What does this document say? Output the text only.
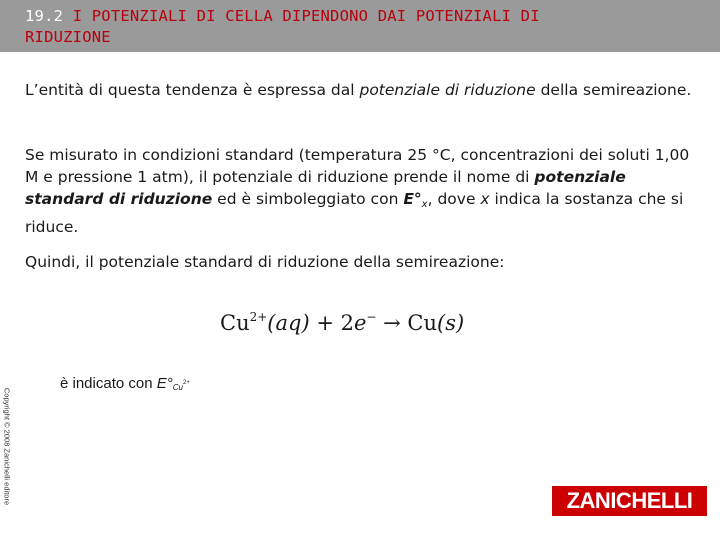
19.2 I POTENZIALI DI CELLA DIPENDONO DAI POTENZIALI DI
RIDUZIONE

L’entità di questa tendenza è espressa dal potenziale di riduzione della semireazione.

Se misurato in condizioni standard (temperatura 25 °C, concentrazioni dei soluti 1,00 M e pressione 1 atm), il potenziale di riduzione prende il nome di potenziale standard di riduzione ed è simboleggiato con $E^\circ_x$, dove x indica la sostanza che si riduce.

Quindi, il potenziale standard di riduzione della semireazione:

$Cu^{2+}(aq) + 2e^- \to Cu(s)$
è indicato con $E^\circ Cu^{2+}$
Copyright © 2008 Zanichelli editore	ZANICHELLI
